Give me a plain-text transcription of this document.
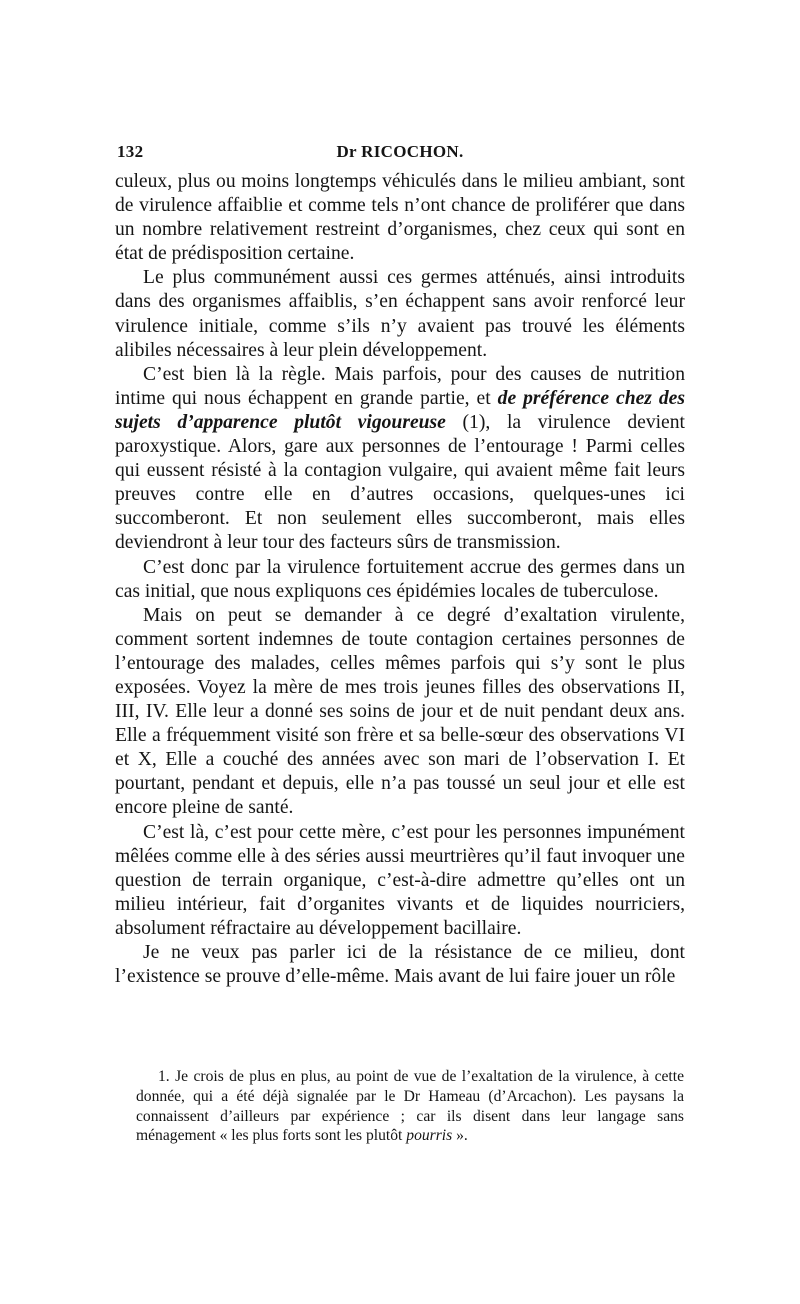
132	Dr RICOCHON.

culeux, plus ou moins longtemps véhiculés dans le milieu ambiant, sont de virulence affaiblie et comme tels n’ont chance de proliférer que dans un nombre relativement restreint d’organismes, chez ceux qui sont en état de prédisposition certaine.

Le plus communément aussi ces germes atténués, ainsi introduits dans des organismes affaiblis, s’en échappent sans avoir renforcé leur virulence initiale, comme s’ils n’y avaient pas trouvé les éléments alibiles nécessaires à leur plein développement.

C’est bien là la règle. Mais parfois, pour des causes de nutrition intime qui nous échappent en grande partie, et de préférence chez des sujets d’apparence plutôt vigoureuse (1), la virulence devient paroxystique. Alors, gare aux personnes de l’entourage ! Parmi celles qui eussent résisté à la contagion vulgaire, qui avaient même fait leurs preuves contre elle en d’autres occasions, quelques-unes ici succomberont. Et non seulement elles succomberont, mais elles deviendront à leur tour des facteurs sûrs de transmission.

C’est donc par la virulence fortuitement accrue des germes dans un cas initial, que nous expliquons ces épidémies locales de tuberculose.

Mais on peut se demander à ce degré d’exaltation virulente, comment sortent indemnes de toute contagion certaines personnes de l’entourage des malades, celles mêmes parfois qui s’y sont le plus exposées. Voyez la mère de mes trois jeunes filles des observations II, III, IV. Elle leur a donné ses soins de jour et de nuit pendant deux ans. Elle a fréquemment visité son frère et sa belle-sœur des observations VI et X, Elle a couché des années avec son mari de l’observation I. Et pourtant, pendant et depuis, elle n’a pas toussé un seul jour et elle est encore pleine de santé.

C’est là, c’est pour cette mère, c’est pour les personnes impunément mêlées comme elle à des séries aussi meurtrières qu’il faut invoquer une question de terrain organique, c’est-à-dire admettre qu’elles ont un milieu intérieur, fait d’organites vivants et de liquides nourriciers, absolument réfractaire au développement bacillaire.

Je ne veux pas parler ici de la résistance de ce milieu, dont l’existence se prouve d’elle-même. Mais avant de lui faire jouer un rôle

1. Je crois de plus en plus, au point de vue de l’exaltation de la virulence, à cette donnée, qui a été déjà signalée par le Dr Hameau (d’Arcachon). Les paysans la connaissent d’ailleurs par expérience ; car ils disent dans leur langage sans ménagement « les plus forts sont les plutôt pourris ».
